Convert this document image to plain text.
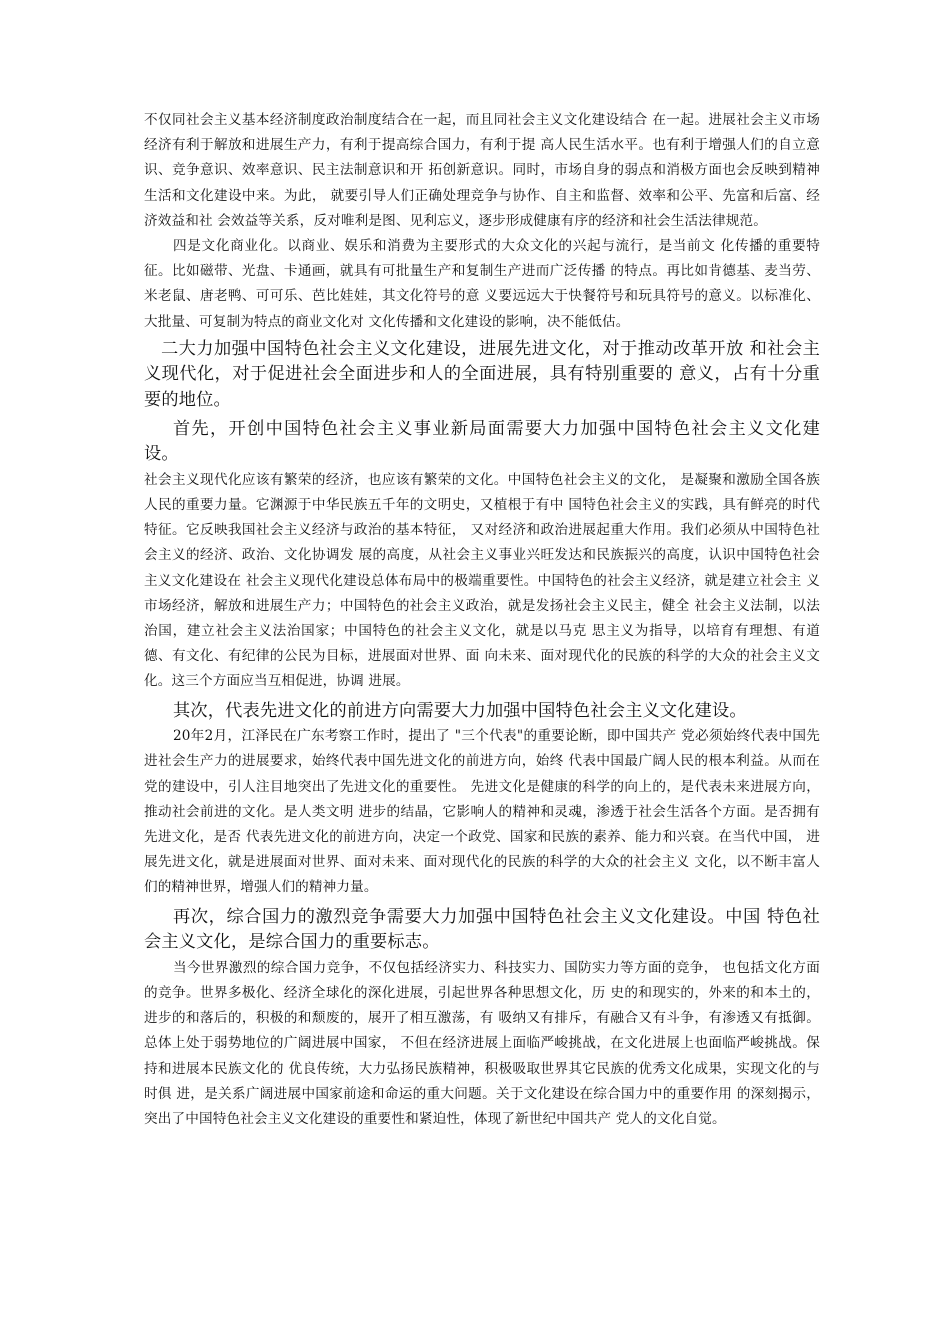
不仅同社会主义基本经济制度政治制度结合在一起，而且同社会主义文化建设结合 在一起。进展社会主义市场经济有利于解放和进展生产力，有利于提高综合国力，有利于提 高人民生活水平。也有利于增强人们的自立意识、竞争意识、效率意识、民主法制意识和开 拓创新意识。同时，市场自身的弱点和消极方面也会反映到精神生活和文化建设中来。为此， 就要引导人们正确处理竞争与协作、自主和监督、效率和公平、先富和后富、经济效益和社 会效益等关系，反对唯利是图、见利忘义，逐步形成健康有序的经济和社会生活法律规范。

四是文化商业化。以商业、娱乐和消费为主要形式的大众文化的兴起与流行，是当前文 化传播的重要特征。比如磁带、光盘、卡通画，就具有可批量生产和复制生产进而广泛传播 的特点。再比如肯德基、麦当劳、米老鼠、唐老鸭、可可乐、芭比娃娃，其文化符号的意 义要远远大于快餐符号和玩具符号的意义。以标准化、大批量、可复制为特点的商业文化对 文化传播和文化建设的影响，决不能低估。

二大力加强中国特色社会主义文化建设，进展先进文化，对于推动改革开放 和社会主义现代化，对于促进社会全面进步和人的全面进展，具有特别重要的 意义，占有十分重要的地位。

首先，开创中国特色社会主义事业新局面需要大力加强中国特色社会主义文化建 设。

社会主义现代化应该有繁荣的经济，也应该有繁荣的文化。中国特色社会主义的文化， 是凝聚和激励全国各族人民的重要力量。它渊源于中华民族五千年的文明史，又植根于有中 国特色社会主义的实践，具有鲜亮的时代特征。它反映我国社会主义经济与政治的基本特征， 又对经济和政治进展起重大作用。我们必须从中国特色社会主义的经济、政治、文化协调发 展的高度，从社会主义事业兴旺发达和民族振兴的高度，认识中国特色社会主义文化建设在 社会主义现代化建设总体布局中的极端重要性。中国特色的社会主义经济，就是建立社会主 义市场经济，解放和进展生产力；中国特色的社会主义政治，就是发扬社会主义民主，健全 社会主义法制，以法治国，建立社会主义法治国家；中国特色的社会主义文化，就是以马克 思主义为指导，以培育有理想、有道德、有文化、有纪律的公民为目标，进展面对世界、面 向未来、面对现代化的民族的科学的大众的社会主义文化。这三个方面应当互相促进，协调 进展。

其次，代表先进文化的前进方向需要大力加强中国特色社会主义文化建设。

20年2月，江泽民在广东考察工作时，提出了 "三个代表"的重要论断，即中国共产 党必须始终代表中国先进社会生产力的进展要求，始终代表中国先进文化的前进方向，始终 代表中国最广阔人民的根本利益。从而在党的建设中，引人注目地突出了先进文化的重要性。 先进文化是健康的科学的向上的，是代表未来进展方向，推动社会前进的文化。是人类文明 进步的结晶，它影响人的精神和灵魂，渗透于社会生活各个方面。是否拥有先进文化，是否 代表先进文化的前进方向，决定一个政党、国家和民族的素养、能力和兴衰。在当代中国， 进展先进文化，就是进展面对世界、面对未来、面对现代化的民族的科学的大众的社会主义 文化，以不断丰富人们的精神世界，增强人们的精神力量。

再次，综合国力的激烈竞争需要大力加强中国特色社会主义文化建设。中国 特色社会主义文化，是综合国力的重要标志。

当今世界激烈的综合国力竞争，不仅包括经济实力、科技实力、国防实力等方面的竞争， 也包括文化方面的竞争。世界多极化、经济全球化的深化进展，引起世界各种思想文化，历 史的和现实的，外来的和本土的，进步的和落后的，积极的和颓废的，展开了相互激荡，有 吸纳又有排斥，有融合又有斗争，有渗透又有抵御。总体上处于弱势地位的广阔进展中国家， 不但在经济进展上面临严峻挑战，在文化进展上也面临严峻挑战。保持和进展本民族文化的 优良传统，大力弘扬民族精神，积极吸取世界其它民族的优秀文化成果，实现文化的与时俱 进，是关系广阔进展中国家前途和命运的重大问题。关于文化建设在综合国力中的重要作用 的深刻揭示，突出了中国特色社会主义文化建设的重要性和紧迫性，体现了新世纪中国共产 党人的文化自觉。
